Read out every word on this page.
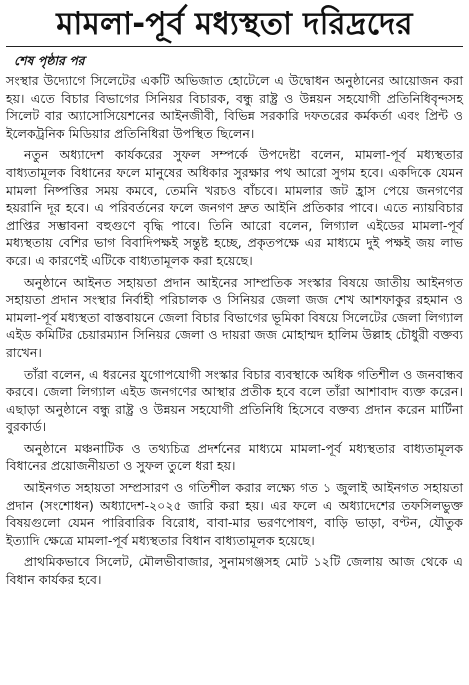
মামলা-পূর্ব মধ্যস্থতা দরিদ্রদের
শেষ পৃষ্ঠার পর

সংস্থার উদ্যোগে সিলেটের একটি অভিজাত হোটেলে এ উদ্বোধন অনুষ্ঠানের আয়োজন করা হয়। এতে বিচার বিভাগের সিনিয়র বিচারক, বন্ধু রাষ্ট্র ও উন্নয়ন সহযোগী প্রতিনিধিবৃন্দসহ সিলেট বার অ্যাসোসিয়েশনের আইনজীবী, বিভিন্ন সরকারি দফতরের কর্মকর্তা এবং প্রিন্ট ও ইলেকট্রনিক মিডিয়ার প্রতিনিধিরা উপস্থিত ছিলেন।

নতুন অধ্যাদেশ কার্যকরের সুফল সম্পর্কে উপদেষ্টা বলেন, মামলা-পূর্ব মধ্যস্থতার বাধ্যতামূলক বিধানের ফলে মানুষের অধিকার সুরক্ষার পথ আরো সুগম হবে। একদিকে যেমন মামলা নিষ্পত্তির সময় কমবে, তেমনি খরচও বাঁচবে। মামলার জট হ্রাস পেয়ে জনগণের হয়রানি দূর হবে। এ পরিবর্তনের ফলে জনগণ দ্রুত আইনি প্রতিকার পাবে। এতে ন্যায়বিচার প্রাপ্তির সম্ভাবনা বহুগুণে বৃদ্ধি পাবে। তিনি আরো বলেন, লিগ্যাল এইডের মামলা-পূর্ব মধ্যস্থতায় বেশির ভাগ বিবাদিপক্ষই সন্তুষ্ট হচ্ছে, প্রকৃতপক্ষে এর মাধ্যমে দুই পক্ষই জয় লাভ করে। এ কারণেই এটিকে বাধ্যতামূলক করা হয়েছে।

অনুষ্ঠানে আইনত সহায়তা প্রদান আইনের সাম্প্রতিক সংস্কার বিষয়ে জাতীয় আইনগত সহায়তা প্রদান সংস্থার নির্বাহী পরিচালক ও সিনিয়র জেলা জজ শেখ আশফাকুর রহমান ও মামলা-পূর্ব মধ্যস্থতা বাস্তবায়নে জেলা বিচার বিভাগের ভূমিকা বিষয়ে সিলেটের জেলা লিগ্যাল এইড কমিটির চেয়ারম্যান সিনিয়র জেলা ও দায়রা জজ মোহাম্মদ হালিম উল্লাহ চৌধুরী বক্তব্য রাখেন।

তাঁরা বলেন, এ ধরনের যুগোপযোগী সংস্কার বিচার ব্যবস্থাকে অধিক গতিশীল ও জনবান্ধব করবে। জেলা লিগ্যাল এইড জনগণের আস্থার প্রতীক হবে বলে তাঁরা আশাবাদ ব্যক্ত করেন। এছাড়া অনুষ্ঠানে বন্ধু রাষ্ট্র ও উন্নয়ন সহযোগী প্রতিনিধি হিসেবে বক্তব্য প্রদান করেন মার্টিনা বুরকার্ড।

অনুষ্ঠানে মঞ্চনাটিক ও তথ্যচিত্র প্রদর্শনের মাধ্যমে মামলা-পূর্ব মধ্যস্থতার বাধ্যতামূলক বিধানের প্রয়োজনীয়তা ও সুফল তুলে ধরা হয়।

আইনগত সহায়তা সম্প্রসারণ ও গতিশীল করার লক্ষ্যে গত ১ জুলাই আইনগত সহায়তা প্রদান (সংশোধন) অধ্যাদেশ-২০২৫ জারি করা হয়। এর ফলে এ অধ্যাদেশের তফসিলভুক্ত বিষয়গুলো যেমন পারিবারিক বিরোধ, বাবা-মার ভরণপোষণ, বাড়ি ভাড়া, বণ্টন, যৌতুক ইত্যাদি ক্ষেত্রে মামলা-পূর্ব মধ্যস্থতার বিধান বাধ্যতামূলক হয়েছে।

প্রাথমিকভাবে সিলেট, মৌলভীবাজার, সুনামগঞ্জসহ মোট ১২টি জেলায় আজ থেকে এ বিধান কার্যকর হবে।
